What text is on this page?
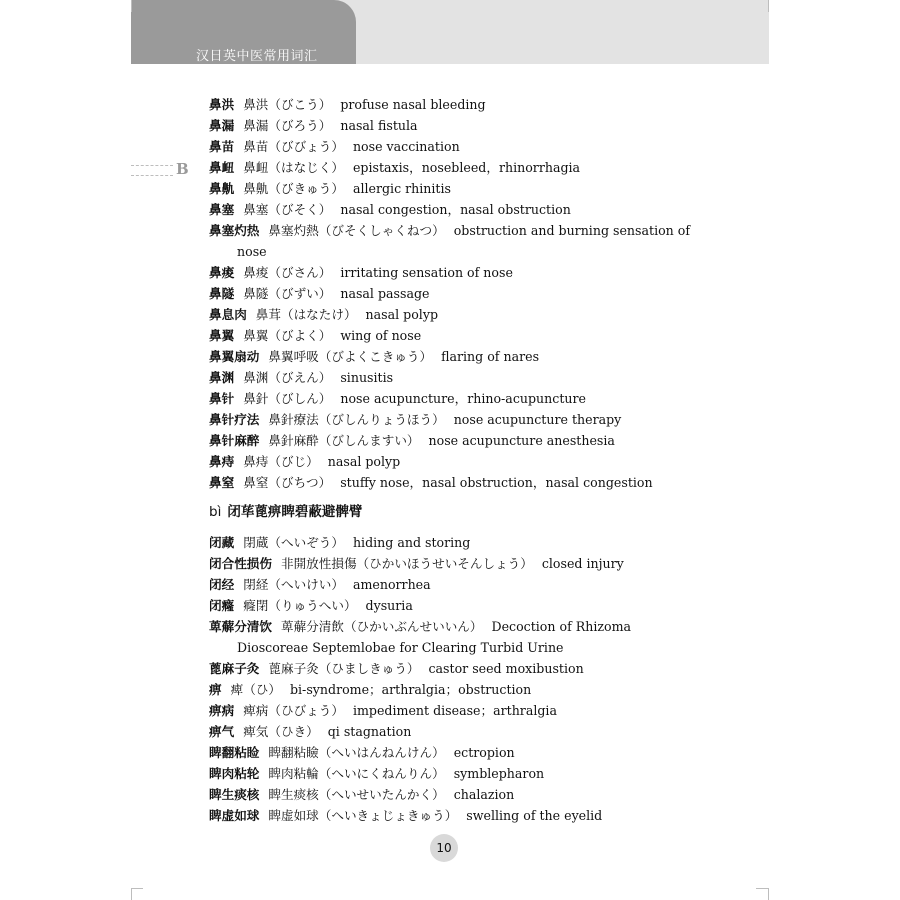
汉日英中医常用词汇
B
鼻洪 鼻洪（びこう） profuse nasal bleeding
鼻漏 鼻漏（びろう） nasal fistula
鼻苗 鼻苗（びびょう） nose vaccination
鼻衄 鼻衄（はなじく） epistaxis，nosebleed，rhinorrhagia
鼻鼽 鼻鼽（びきゅう） allergic rhinitis
鼻塞 鼻塞（びそく） nasal congestion，nasal obstruction
鼻塞灼热 鼻塞灼熱（びそくしゃくねつ） obstruction and burning sensation of
nose
鼻痠 鼻痠（びさん） irritating sensation of nose
鼻隧 鼻隧（びずい） nasal passage
鼻息肉 鼻茸（はなたけ） nasal polyp
鼻翼 鼻翼（びよく） wing of nose
鼻翼扇动 鼻翼呼吸（びよくこきゅう） flaring of nares
鼻渊 鼻渊（びえん） sinusitis
鼻针 鼻針（びしん） nose acupuncture，rhino-acupuncture
鼻针疗法 鼻針療法（びしんりょうほう） nose acupuncture therapy
鼻针麻醉 鼻針麻酔（びしんますい） nose acupuncture anesthesia
鼻痔 鼻痔（びじ） nasal polyp
鼻窒 鼻窒（びちつ） stuffy nose，nasal obstruction，nasal congestion
bì 闭荜蓖痹睥碧蔽避髀臂
闭藏 閉蔵（へいぞう） hiding and storing
闭合性损伤 非開放性損傷（ひかいほうせいそんしょう） closed injury
闭经 閉経（へいけい） amenorrhea
闭癃 癃閉（りゅうへい） dysuria
萆薢分清饮 萆薢分清飲（ひかいぶんせいいん） Decoction of Rhizoma
Dioscoreae Septemlobae for Clearing Turbid Urine
蓖麻子灸 蓖麻子灸（ひましきゅう） castor seed moxibustion
痹 痺（ひ） bi-syndrome；arthralgia；obstruction
痹病 痺病（ひびょう） impediment disease；arthralgia
痹气 痺気（ひき） qi stagnation
睥翻粘睑 睥翻粘瞼（へいはんねんけん） ectropion
睥肉粘轮 睥肉粘輪（へいにくねんりん） symblepharon
睥生痰核 睥生痰核（へいせいたんかく） chalazion
睥虚如球 睥虚如球（へいきょじょきゅう） swelling of the eyelid
10
